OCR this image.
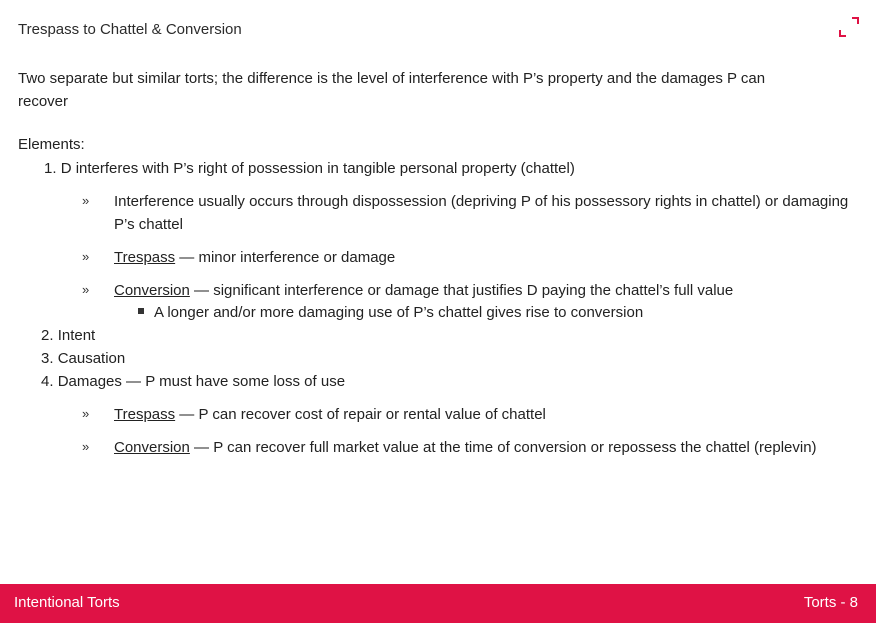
Trespass to Chattel & Conversion
Two separate but similar torts; the difference is the level of interference with P’s property and the damages P can recover
Elements:
1. D interferes with P’s right of possession in tangible personal property (chattel)
» Interference usually occurs through dispossession (depriving P of his possessory rights in chattel) or damaging P’s chattel
» Trespass — minor interference or damage
» Conversion — significant interference or damage that justifies D paying the chattel’s full value
A longer and/or more damaging use of P’s chattel gives rise to conversion
2. Intent
3. Causation
4. Damages — P must have some loss of use
» Trespass — P can recover cost of repair or rental value of chattel
» Conversion — P can recover full market value at the time of conversion or repossess the chattel (replevin)
Intentional Torts	Torts - 8
